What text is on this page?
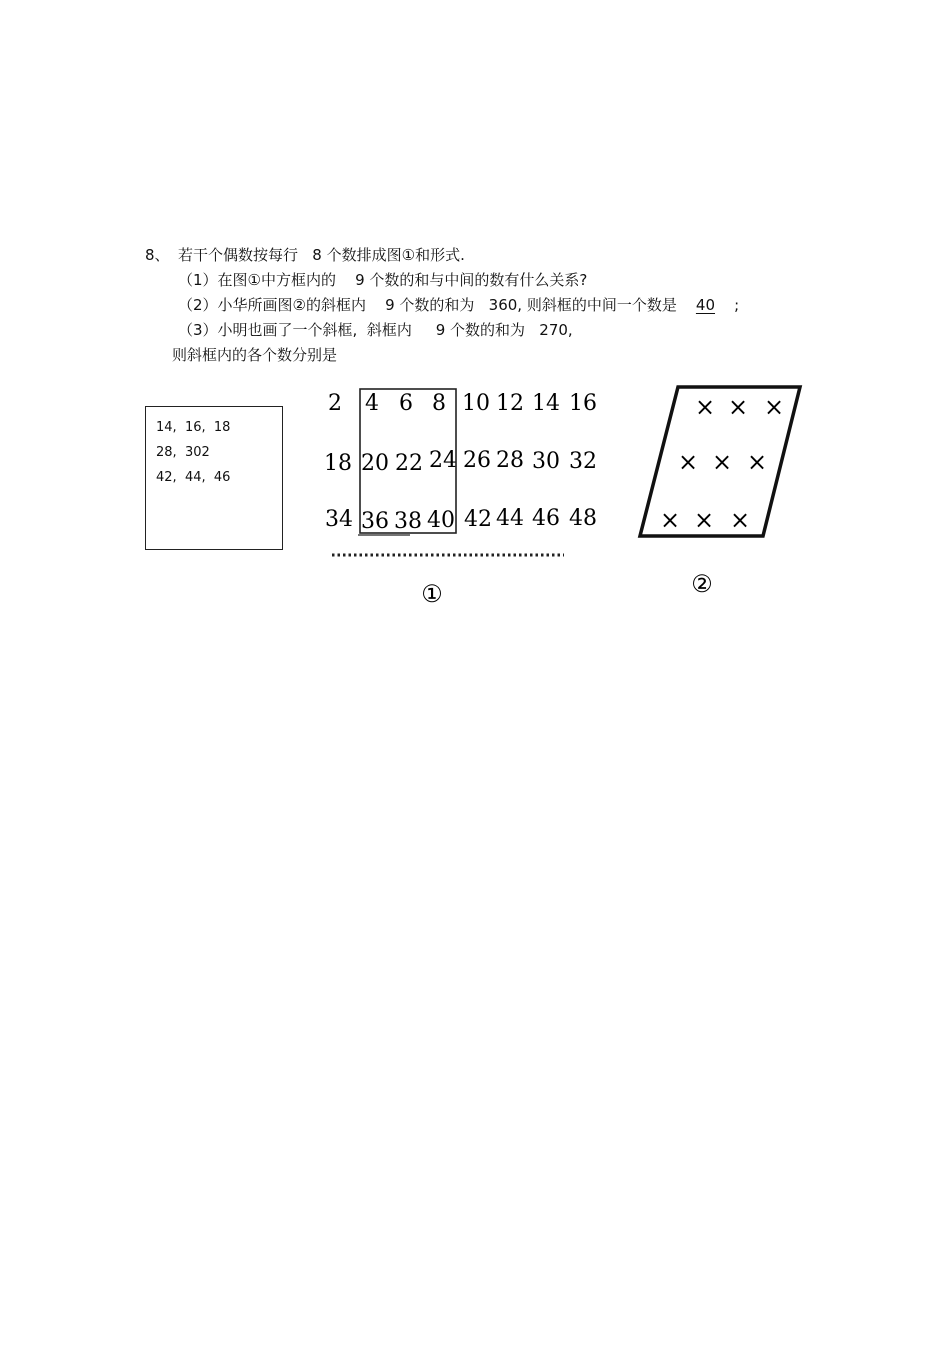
8、 若干个偶数按每行   8 个数排成图①和形式.
（1）在图①中方框内的    9 个数的和与中间的数有什么关系?
（2）小华所画图②的斜框内    9 个数的和为   360, 则斜框的中间一个数是    40    ;
（3）小明也画了一个斜框,  斜框内     9 个数的和为   270,
则斜框内的各个数分别是
14,  16,  18
28,  302
42,  44,  46
2 4 6 8 10 12 14 16
18 20 22 24 26 28 30 32
34 36 38 40 42 44 46 48
①
× × ×
× × ×
× × ×
②
